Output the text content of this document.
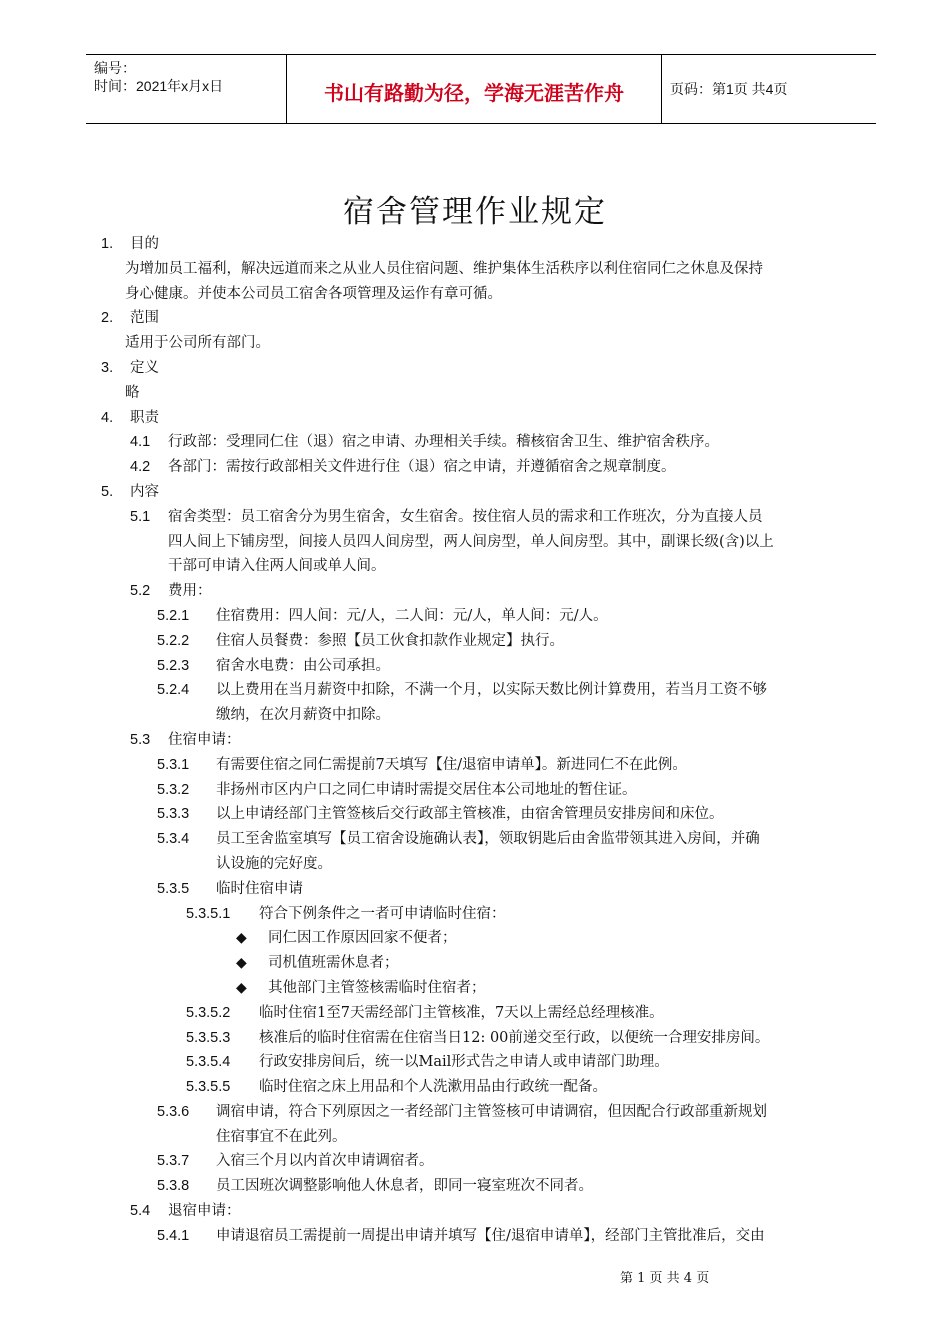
编号：
时间：2021年x月x日	书山有路勤为径，学海无涯苦作舟	页码：第1页 共4页
宿舍管理作业规定
1. 目的
为增加员工福利，解决远道而来之从业人员住宿问题、维护集体生活秩序以利住宿同仁之休息及保持
身心健康。并使本公司员工宿舍各项管理及运作有章可循。
2. 范围
适用于公司所有部门。
3. 定义
略
4. 职责
4.1 行政部：受理同仁住（退）宿之申请、办理相关手续。稽核宿舍卫生、维护宿舍秩序。
4.2 各部门：需按行政部相关文件进行住（退）宿之申请，并遵循宿舍之规章制度。
5. 内容
5.1 宿舍类型：员工宿舍分为男生宿舍，女生宿舍。按住宿人员的需求和工作班次，分为直接人员
四人间上下铺房型，间接人员四人间房型，两人间房型，单人间房型。其中，副课长级(含)以上
干部可申请入住两人间或单人间。
5.2 费用：
5.2.1 住宿费用：四人间：元/人，二人间：元/人，单人间：元/人。
5.2.2 住宿人员餐费：参照【员工伙食扣款作业规定】执行。
5.2.3 宿舍水电费：由公司承担。
5.2.4 以上费用在当月薪资中扣除，不满一个月，以实际天数比例计算费用，若当月工资不够
缴纳，在次月薪资中扣除。
5.3 住宿申请：
5.3.1 有需要住宿之同仁需提前7天填写【住/退宿申请单】。新进同仁不在此例。
5.3.2 非扬州市区内户口之同仁申请时需提交居住本公司地址的暂住证。
5.3.3 以上申请经部门主管签核后交行政部主管核准，由宿舍管理员安排房间和床位。
5.3.4 员工至舍监室填写【员工宿舍设施确认表】，领取钥匙后由舍监带领其进入房间，并确
认设施的完好度。
5.3.5 临时住宿申请
5.3.5.1 符合下例条件之一者可申请临时住宿：
◆ 同仁因工作原因回家不便者；
◆ 司机值班需休息者；
◆ 其他部门主管签核需临时住宿者；
5.3.5.2 临时住宿1至7天需经部门主管核准，7天以上需经总经理核准。
5.3.5.3 核准后的临时住宿需在住宿当日12: 00前递交至行政，以便统一合理安排房间。
5.3.5.4 行政安排房间后，统一以Mail形式告之申请人或申请部门助理。
5.3.5.5 临时住宿之床上用品和个人洗漱用品由行政统一配备。
5.3.6 调宿申请，符合下列原因之一者经部门主管签核可申请调宿，但因配合行政部重新规划
住宿事宜不在此列。
5.3.7 入宿三个月以内首次申请调宿者。
5.3.8 员工因班次调整影响他人休息者，即同一寝室班次不同者。
5.4 退宿申请：
5.4.1 申请退宿员工需提前一周提出申请并填写【住/退宿申请单】，经部门主管批准后，交由
第 1 页 共 4 页
